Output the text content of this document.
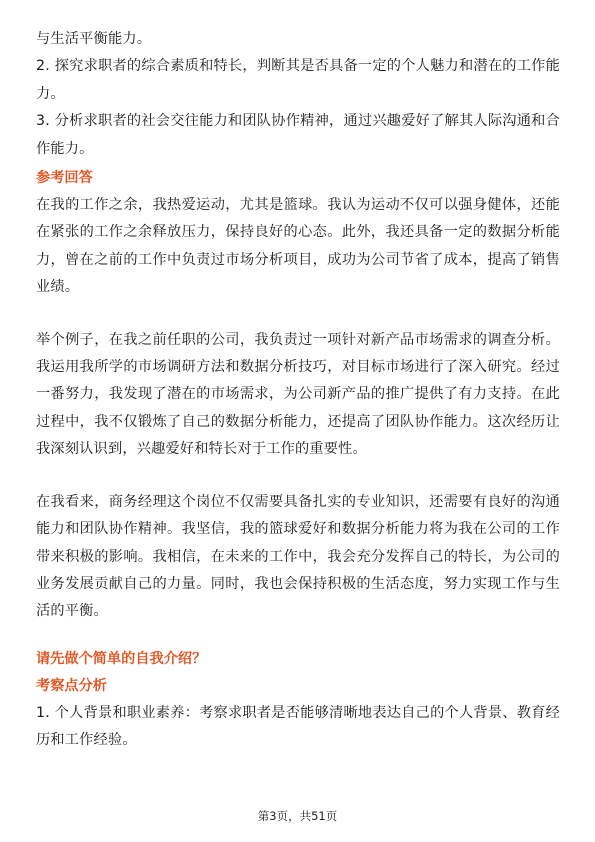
与生活平衡能力。

2. 探究求职者的综合素质和特长，判断其是否具备一定的个人魅力和潜在的工作能力。

3. 分析求职者的社会交往能力和团队协作精神，通过兴趣爱好了解其人际沟通和合作能力。

参考回答

在我的工作之余，我热爱运动，尤其是篮球。我认为运动不仅可以强身健体，还能在紧张的工作之余释放压力，保持良好的心态。此外，我还具备一定的数据分析能力，曾在之前的工作中负责过市场分析项目，成功为公司节省了成本，提高了销售业绩。

举个例子，在我之前任职的公司，我负责过一项针对新产品市场需求的调查分析。我运用我所学的市场调研方法和数据分析技巧，对目标市场进行了深入研究。经过一番努力，我发现了潜在的市场需求，为公司新产品的推广提供了有力支持。在此过程中，我不仅锻炼了自己的数据分析能力，还提高了团队协作能力。这次经历让我深刻认识到，兴趣爱好和特长对于工作的重要性。

在我看来，商务经理这个岗位不仅需要具备扎实的专业知识，还需要有良好的沟通能力和团队协作精神。我坚信，我的篮球爱好和数据分析能力将为我在公司的工作带来积极的影响。我相信，在未来的工作中，我会充分发挥自己的特长，为公司的业务发展贡献自己的力量。同时，我也会保持积极的生活态度，努力实现工作与生活的平衡。

请先做个简单的自我介绍？

考察点分析

1. 个人背景和职业素养：考察求职者是否能够清晰地表达自己的个人背景、教育经历和工作经验。

第3页，共51页
